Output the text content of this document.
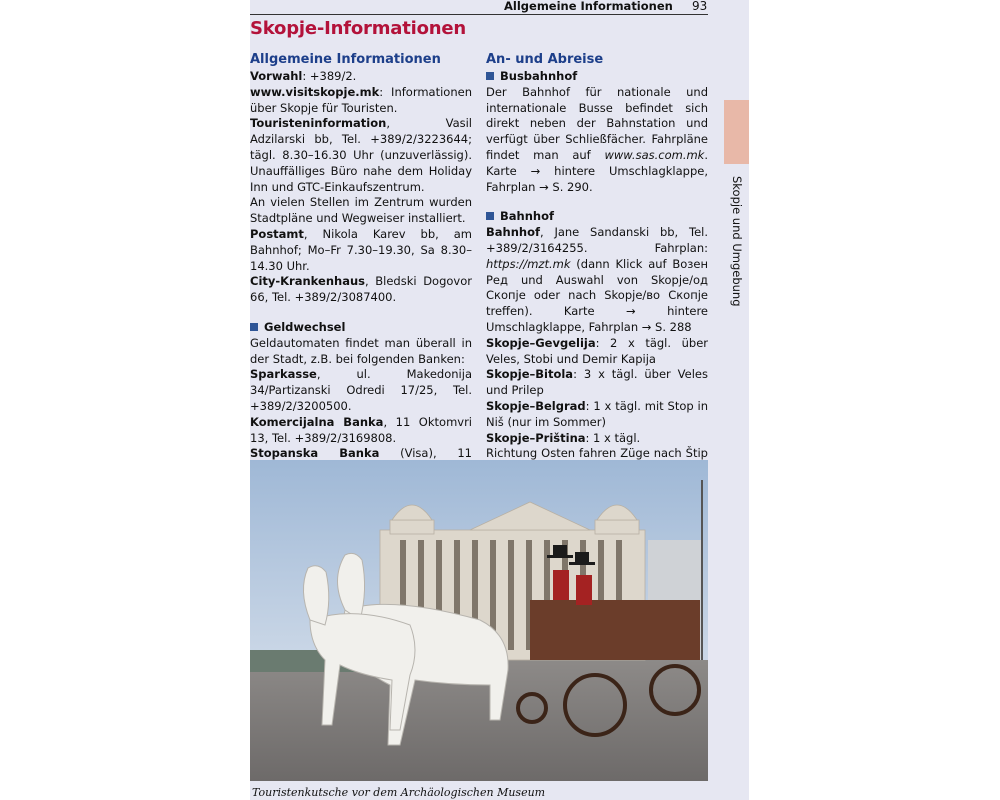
Allgemeine Informationen 93
Skopje-Informationen
Allgemeine Informationen

Vorwahl: +389/2.

www.visitskopje.mk: Informationen über Skopje für Touristen.

Touristeninformation, Vasil Adzilarski bb, Tel. +389/2/3223644; tägl. 8.30–16.30 Uhr (unzuverlässig). Unauffälliges Büro nahe dem Holiday Inn und GTC-Einkaufszentrum.

An vielen Stellen im Zentrum wurden Stadtpläne und Wegweiser installiert.

Postamt, Nikola Karev bb, am Bahnhof; Mo–Fr 7.30–19.30, Sa 8.30–14.30 Uhr.

City-Krankenhaus, Bledski Dogovor 66, Tel. +389/2/3087400.

Geldwechsel

Geldautomaten findet man überall in der Stadt, z.B. bei folgenden Banken:

Sparkasse, ul. Makedonija 34/Partizanski Odredi 17/25, Tel. +389/2/3200500.

Komercijalna Banka, 11 Oktomvri 13, Tel. +389/2/3169808.

Stopanska Banka (Visa), 11

An- und Abreise
Busbahnhof

Der Bahnhof für nationale und internationale Busse befindet sich direkt neben der Bahnstation und verfügt über Schließfächer. Fahrpläne findet man auf www.sas.com.mk. Karte → hintere Umschlagklappe, Fahrplan → S. 290.

Bahnhof

Bahnhof, Jane Sandanski bb, Tel. +389/2/3164255. Fahrplan: https://mzt.mk (dann Klick auf Возен Ред und Auswahl von Skopje/од Скопје oder nach Skopje/во Скопје treffen). Karte → hintere Umschlagklappe, Fahrplan → S. 288

Skopje–Gevgelija: 2 x tägl. über Veles, Stobi und Demir Kapija

Skopje–Bitola: 3 x tägl. über Veles und Prilep

Skopje–Belgrad: 1 x tägl. mit Stop in Niš (nur im Sommer)

Skopje–Priština: 1 x tägl.

Richtung Osten fahren Züge nach Štip

Skopje und Umgebung
Touristenkutsche vor dem Archäologischen Museum
